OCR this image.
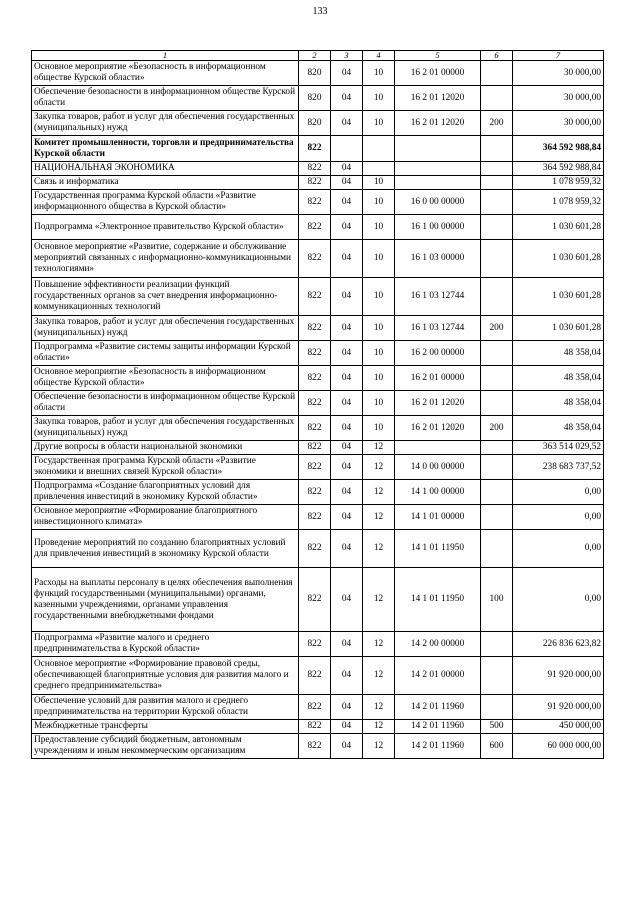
133
1	2	3	4	5	6	7
Основное мероприятие «Безопасность в информационном обществе Курской области»	820	04	10	16 2 01 00000		30 000,00
Обеспечение безопасности в информационном обществе Курской области	820	04	10	16 2 01 12020		30 000,00
Закупка товаров, работ и услуг для обеспечения государственных (муниципальных) нужд	820	04	10	16 2 01 12020	200	30 000,00
Комитет промышленности, торговли и предпринимательства Курской области	822					364 592 988,84
НАЦИОНАЛЬНАЯ ЭКОНОМИКА	822	04				364 592 988,84
Связь и информатика	822	04	10			1 078 959,32
Государственная программа Курской области «Развитие информационного общества в Курской области»	822	04	10	16 0 00 00000		1 078 959,32
Подпрограмма «Электронное правительство Курской области»	822	04	10	16 1 00 00000		1 030 601,28
Основное мероприятие «Развитие, содержание и обслуживание мероприятий связанных с информационно-коммуникационными технологиями»	822	04	10	16 1 03 00000		1 030 601,28
Повышение эффективности реализации функций государственных органов за счет внедрения информационно-коммуникационных технологий	822	04	10	16 1 03 12744		1 030 601,28
Закупка товаров, работ и услуг для обеспечения государственных (муниципальных) нужд	822	04	10	16 1 03 12744	200	1 030 601,28
Подпрограмма «Развитие системы защиты информации Курской области»	822	04	10	16 2 00 00000		48 358,04
Основное мероприятие «Безопасность в информационном обществе Курской области»	822	04	10	16 2 01 00000		48 358,04
Обеспечение безопасности в информационном обществе Курской области	822	04	10	16 2 01 12020		48 358,04
Закупка товаров, работ и услуг для обеспечения государственных (муниципальных) нужд	822	04	10	16 2 01 12020	200	48 358,04
Другие вопросы в области национальной экономики	822	04	12			363 514 029,52
Государственная программа Курской области «Развитие экономики и внешних связей Курской области»	822	04	12	14 0 00 00000		238 683 737,52
Подпрограмма «Создание благоприятных условий для привлечения инвестиций в экономику Курской области»	822	04	12	14 1 00 00000		0,00
Основное мероприятие «Формирование благоприятного инвестиционного климата»	822	04	12	14 1 01 00000		0,00
Проведение мероприятий по созданию благоприятных условий для привлечения инвестиций в экономику Курской области	822	04	12	14 1 01 11950		0,00
Расходы на выплаты персоналу в целях обеспечения выполнения функций государственными (муниципальными) органами, казенными учреждениями, органами управления государственными внебюджетными фондами	822	04	12	14 1 01 11950	100	0,00
Подпрограмма «Развитие малого и среднего предпринимательства в Курской области»	822	04	12	14 2 00 00000		226 836 623,82
Основное мероприятие «Формирование правовой среды, обеспечивающей благоприятные условия для развития малого и среднего предпринимательства»	822	04	12	14 2 01 00000		91 920 000,00
Обеспечение условий для развития малого и среднего предпринимательства на территории Курской области	822	04	12	14 2 01 11960		91 920 000,00
Межбюджетные трансферты	822	04	12	14 2 01 11960	500	450 000,00
Предоставление субсидий бюджетным, автономным учреждениям и иным некоммерческим организациям	822	04	12	14 2 01 11960	600	60 000 000,00
